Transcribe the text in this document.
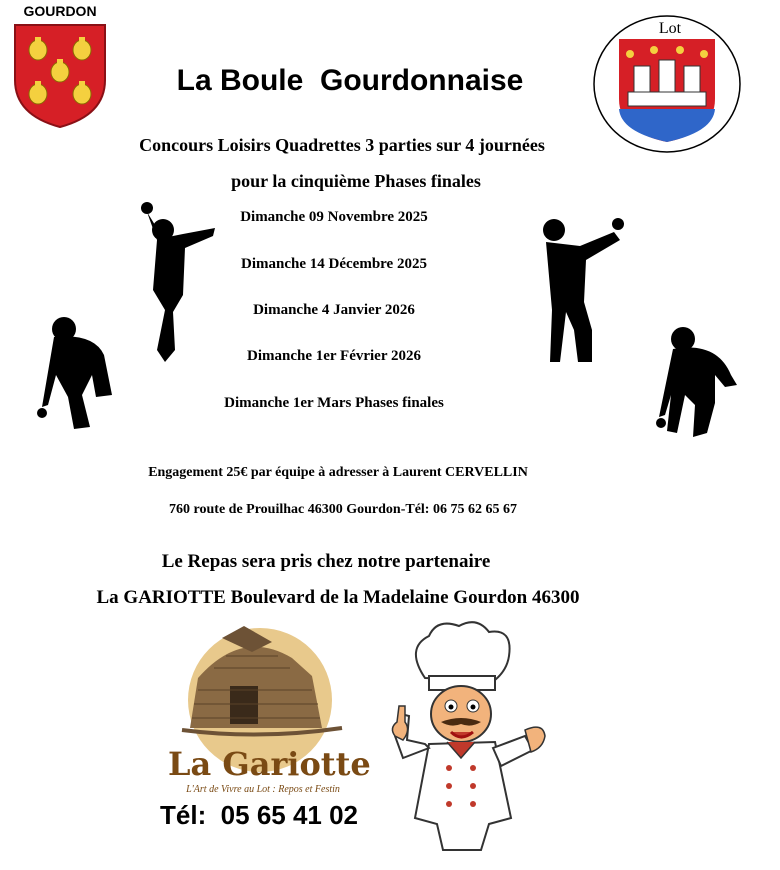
GOURDON
Lot
La Boule  Gourdonnaise
Concours Loisirs Quadrettes 3 parties sur 4 journées
pour la cinquième Phases finales
Dimanche 09 Novembre 2025
Dimanche 14 Décembre 2025
Dimanche 4 Janvier 2026
Dimanche 1er Février 2026
Dimanche 1er Mars Phases finales
Engagement 25€ par équipe à adresser à Laurent CERVELLIN
760 route de Prouilhac 46300 Gourdon-Tél: 06 75 62 65 67
Le Repas sera pris chez notre partenaire
La GARIOTTE Boulevard de la Madelaine Gourdon 46300
La Gariotte
L'Art de Vivre au Lot : Repos et Festin
Tél:  05 65 41 02
